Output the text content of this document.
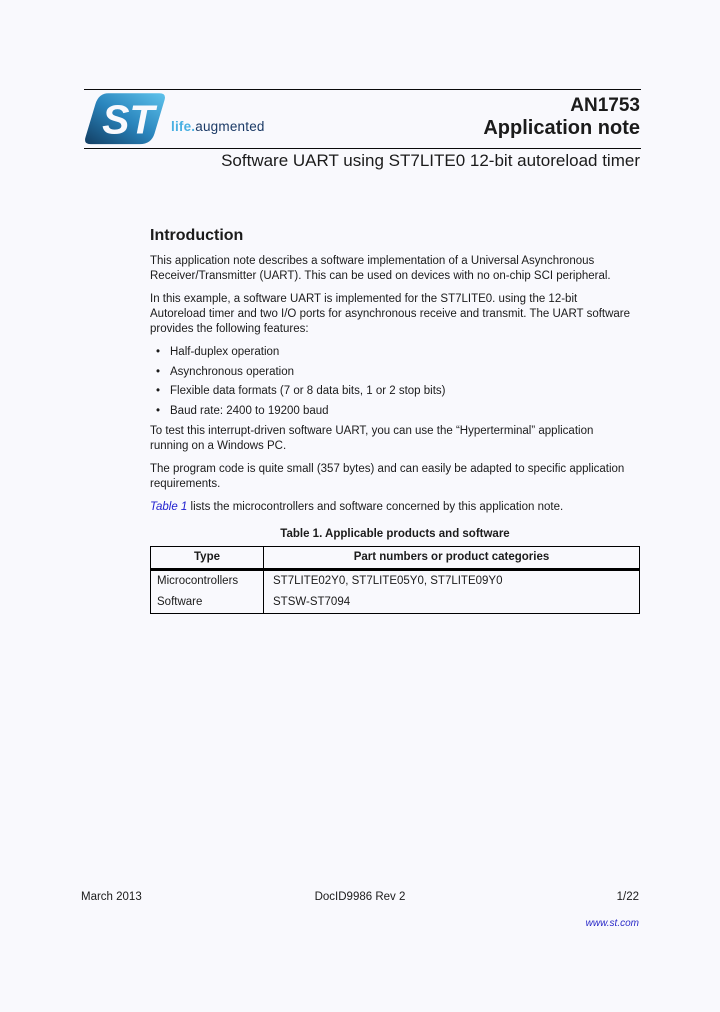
ST life.augmented
AN1753
Application note
Software UART using ST7LITE0 12-bit autoreload timer
Introduction

This application note describes a software implementation of a Universal Asynchronous Receiver/Transmitter (UART). This can be used on devices with no on-chip SCI peripheral.

In this example, a software UART is implemented for the ST7LITE0. using the 12-bit Autoreload timer and two I/O ports for asynchronous receive and transmit. The UART software provides the following features:

• Half-duplex operation
• Asynchronous operation
• Flexible data formats (7 or 8 data bits, 1 or 2 stop bits)
• Baud rate: 2400 to 19200 baud

To test this interrupt-driven software UART, you can use the “Hyperterminal” application running on a Windows PC.

The program code is quite small (357 bytes) and can easily be adapted to specific application requirements.

Table 1 lists the microcontrollers and software concerned by this application note.

Table 1. Applicable products and software
Type	Part numbers or product categories
Microcontrollers	ST7LITE02Y0, ST7LITE05Y0, ST7LITE09Y0
Software	STSW-ST7094
March 2013	DocID9986 Rev 2	1/22
www.st.com
